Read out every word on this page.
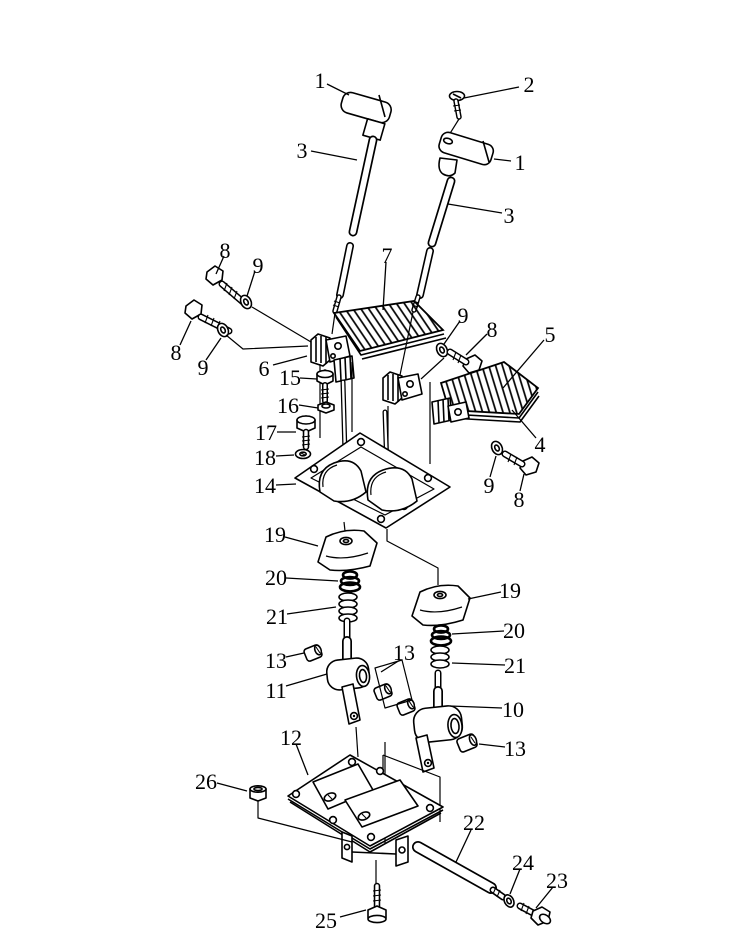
1	2
3	1
3
8
9	7
8
9
9
8 5
6
4
9
8
15
16
17
18
14
19
20
21
13
11
19
20
21
13
10
13
12
26
22
24
23
25
